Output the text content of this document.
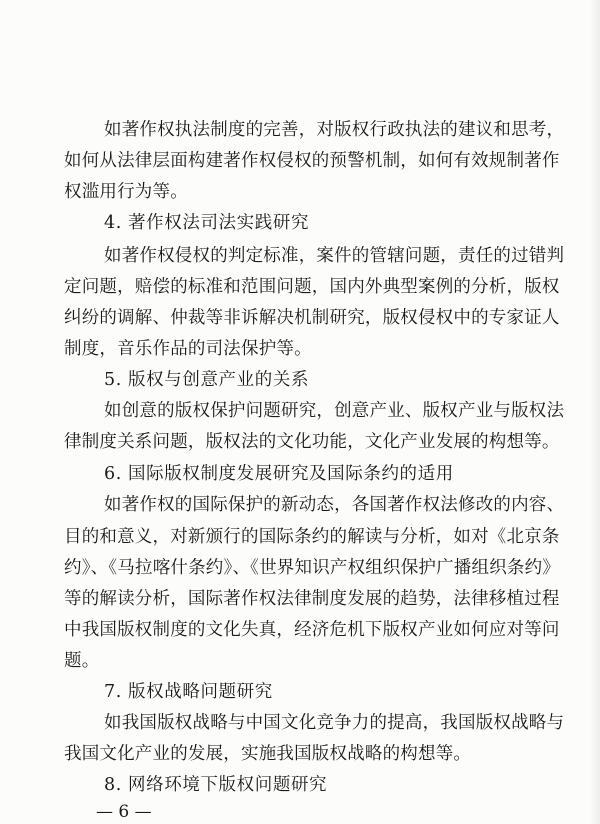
如著作权执法制度的完善，对版权行政执法的建议和思考，
如何从法律层面构建著作权侵权的预警机制，如何有效规制著作
权滥用行为等。
4. 著作权法司法实践研究
如著作权侵权的判定标准，案件的管辖问题，责任的过错判
定问题，赔偿的标准和范围问题，国内外典型案例的分析，版权
纠纷的调解、仲裁等非诉解决机制研究，版权侵权中的专家证人
制度，音乐作品的司法保护等。
5. 版权与创意产业的关系
如创意的版权保护问题研究，创意产业、版权产业与版权法
律制度关系问题，版权法的文化功能，文化产业发展的构想等。
6. 国际版权制度发展研究及国际条约的适用
如著作权的国际保护的新动态，各国著作权法修改的内容、
目的和意义，对新颁行的国际条约的解读与分析，如对《北京条
约》、《马拉喀什条约》、《世界知识产权组织保护广播组织条约》
等的解读分析，国际著作权法律制度发展的趋势，法律移植过程
中我国版权制度的文化失真，经济危机下版权产业如何应对等问
题。
7. 版权战略问题研究
如我国版权战略与中国文化竞争力的提高，我国版权战略与
我国文化产业的发展，实施我国版权战略的构想等。
8. 网络环境下版权问题研究
— 6 —
